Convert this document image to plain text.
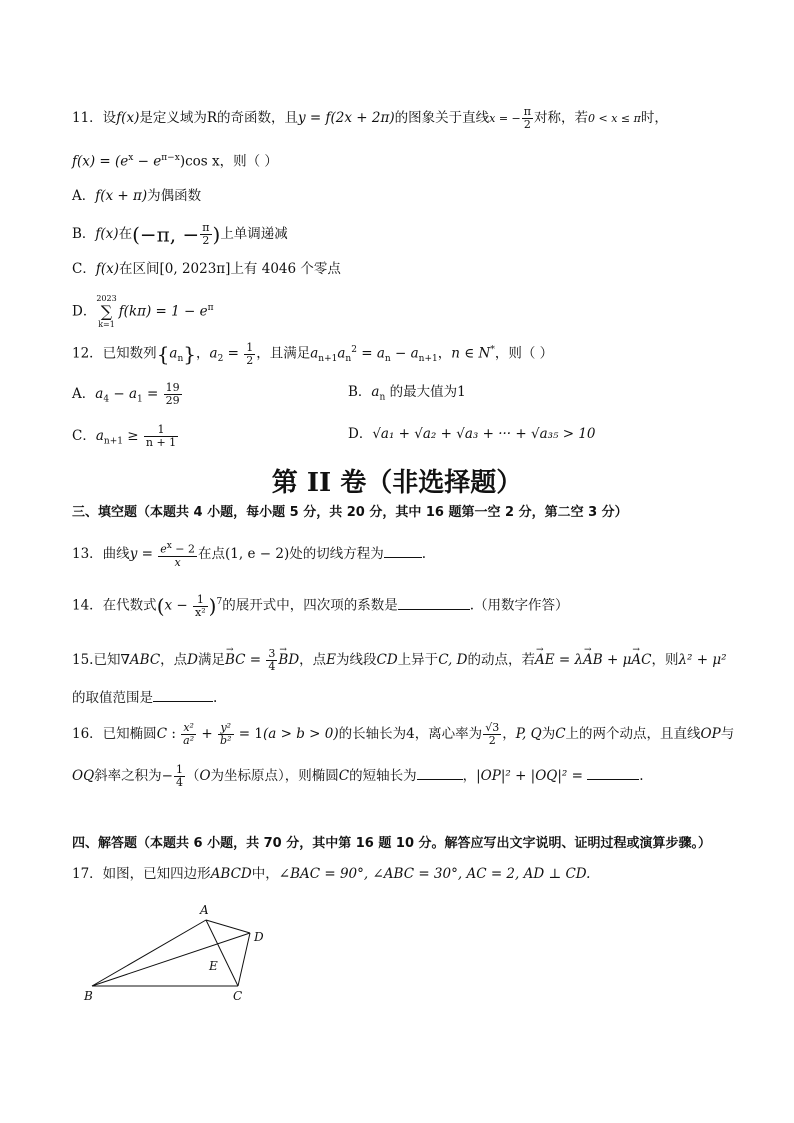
11．设f(x)是定义域为R的奇函数，且y = f(2x + 2π)的图象关于直线x = − $\frac{\pi}{2}$ 对称，若0 < x ≤ π时，
$f(x) = (e^x - e^{\pi-x})\cos$ x，则（ ）
A．f(x + π)为偶函数
B．f(x)在(−π, − $\frac{\pi}{2}$ )上单调递减
C．f(x)在区间[0, 2023π]上有 4046 个零点
D．2023
∑
$k=1f(k\pi) = 1 - e^\pi$
12．已知数列$\{a_n\}$，$a_2 = \frac{1}{2}$ ，且满足$a_{n+1}a_n^2 = a_n - a_{n+1}$，n ∈ N*，则（ ）
A．$a_4 - a_1 = \frac{19}{29}$	B．$a_n$ 的最大值为1
C．$a_{n+1} \ge \frac{1}{n + 1}$	D．√a₁ + √a₂ + √a₃ + ··· + √a₃₅ > 10
第 II 卷（非选择题）
三、填空题（本题共 4 小题，每小题 5 分，共 20 分，其中 16 题第一空 2 分，第二空 3 分）
13．曲线$y = \frac{e^x - 2}{x}$ 在点(1, e − 2)处的切线方程为	.
14．在代数式$(x - \frac{1}{\text{x²}} )^7$的展开式中，四次项的系数是	.（用数字作答）
15.已知∇ABC，点D满足→ BC = $\frac{3}{4}$
→ BD，点E为线段CD上异于C, D的动点，若→ AE = λ→ AB + μ→ AC，则λ² + μ²
的取值范围是	.
16．已知椭圆C : $\frac{\text{x²}}{\text{a²}} + \frac{\text{y²}}{\text{b²}} = 1(a > b > 0)$的长轴长为4，离心率为 $\frac{√3}{2}$ ，P, Q为C上的两个动点，且直线OP与
OQ斜率之积为− $\frac{1}{4} (O$为坐标原点），则椭圆C的短轴长为	，|OP|² + |OQ|² =	.
四、解答题（本题共 6 小题，共 70 分，其中第 16 题 10 分。解答应写出文字说明、证明过程或演算步骤。）
17．如图，已知四边形ABCD中，∠BAC = 90°, ∠ABC = 30°, AC = 2, AD ⊥ CD.
A
B	C
D
E
